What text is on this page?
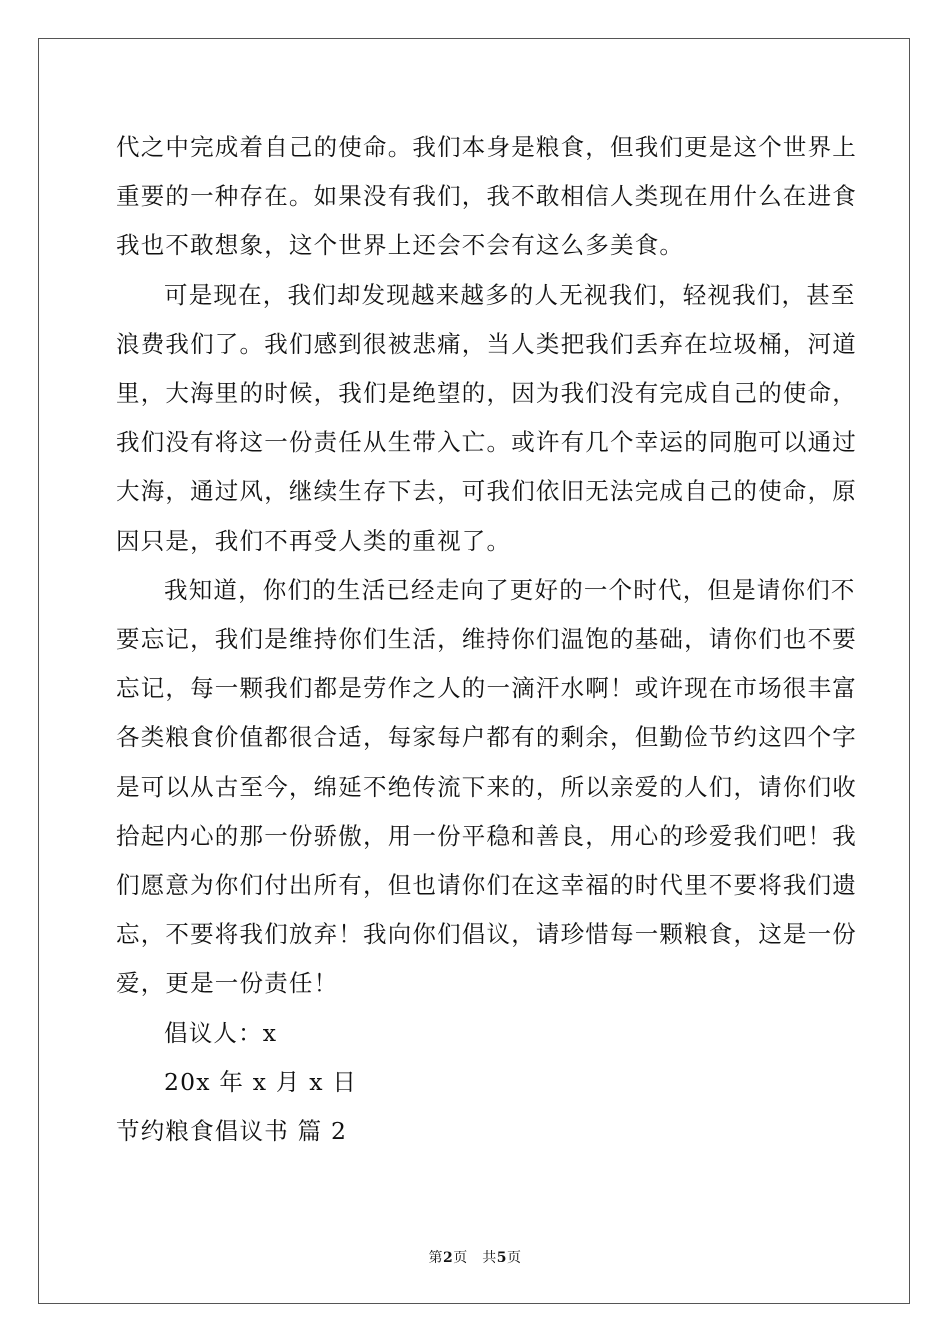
代之中完成着自己的使命。我们本身是粮食，但我们更是这个世界上
重要的一种存在。如果没有我们，我不敢相信人类现在用什么在进食
我也不敢想象，这个世界上还会不会有这么多美食。

可是现在，我们却发现越来越多的人无视我们，轻视我们，甚至
浪费我们了。我们感到很被悲痛，当人类把我们丢弃在垃圾桶，河道
里，大海里的时候，我们是绝望的，因为我们没有完成自己的使命，
我们没有将这一份责任从生带入亡。或许有几个幸运的同胞可以通过
大海，通过风，继续生存下去，可我们依旧无法完成自己的使命，原
因只是，我们不再受人类的重视了。

我知道，你们的生活已经走向了更好的一个时代，但是请你们不
要忘记，我们是维持你们生活，维持你们温饱的基础，请你们也不要
忘记，每一颗我们都是劳作之人的一滴汗水啊！或许现在市场很丰富
各类粮食价值都很合适，每家每户都有的剩余，但勤俭节约这四个字
是可以从古至今，绵延不绝传流下来的，所以亲爱的人们，请你们收
拾起内心的那一份骄傲，用一份平稳和善良，用心的珍爱我们吧！我
们愿意为你们付出所有，但也请你们在这幸福的时代里不要将我们遗
忘，不要将我们放弃！我向你们倡议，请珍惜每一颗粮食，这是一份
爱，更是一份责任！

倡议人：x

20x 年 x 月 x 日

节约粮食倡议书 篇 2

第2页　共5页
